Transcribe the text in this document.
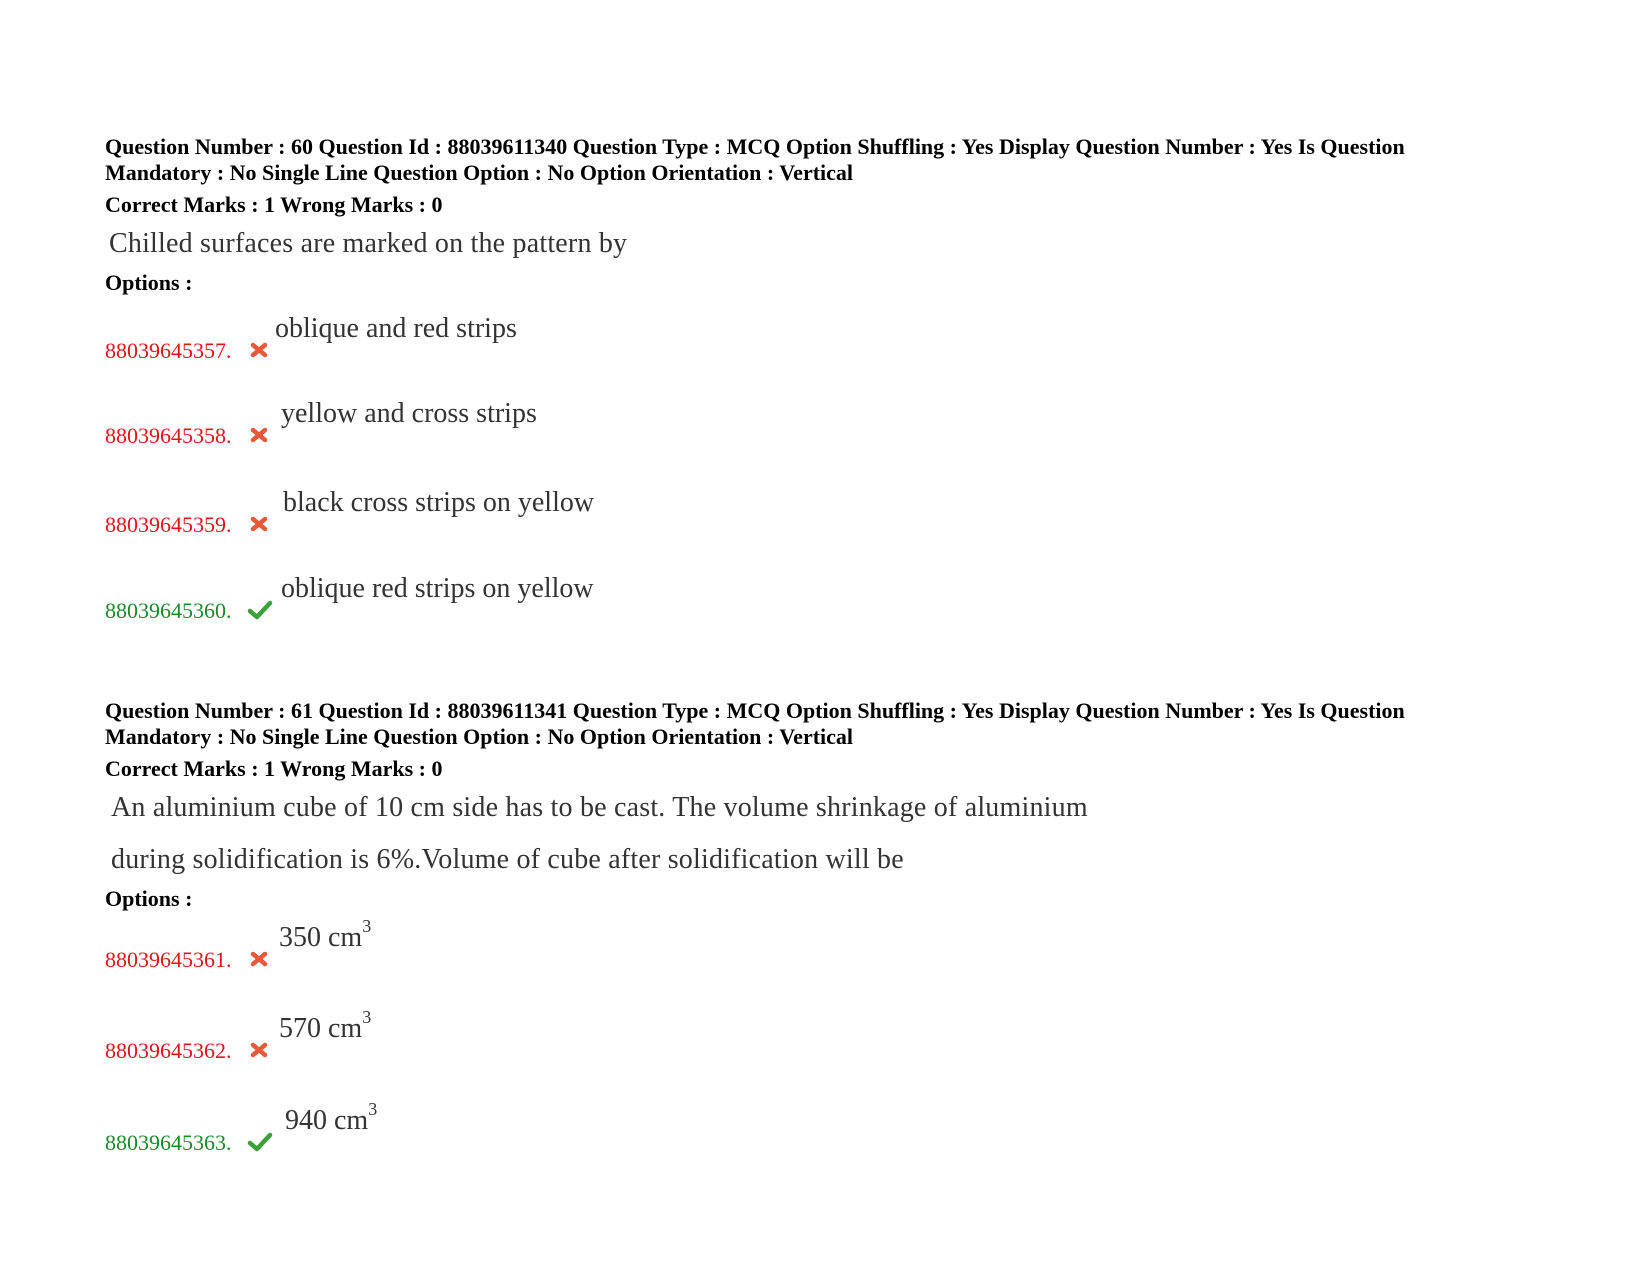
Question Number : 60 Question Id : 88039611340 Question Type : MCQ Option Shuffling : Yes Display Question Number : Yes Is Question

Mandatory : No Single Line Question Option : No Option Orientation : Vertical

Correct Marks : 1 Wrong Marks : 0
Chilled surfaces are marked on the pattern by
Options :
88039645357.
oblique and red strips
88039645358.
yellow and cross strips
88039645359.
black cross strips on yellow
88039645360.
oblique red strips on yellow

Question Number : 61 Question Id : 88039611341 Question Type : MCQ Option Shuffling : Yes Display Question Number : Yes Is Question

Mandatory : No Single Line Question Option : No Option Orientation : Vertical

Correct Marks : 1 Wrong Marks : 0
An aluminium cube of 10 cm side has to be cast. The volume shrinkage of aluminium
during solidification is 6%.Volume of cube after solidification will be
Options :
88039645361.
350 $cm^3$
88039645362.
570 $cm^3$
88039645363.
940 $cm^3$
